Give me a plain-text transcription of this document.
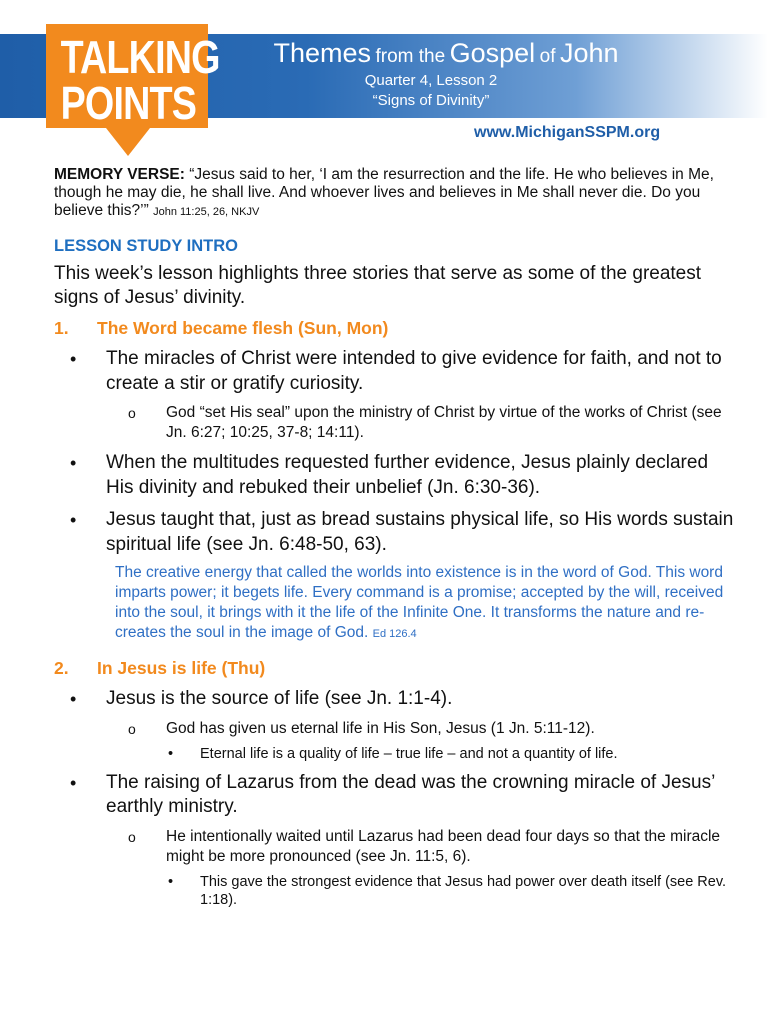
TALKING
POINTS
Themes from the Gospel of John
Quarter 4, Lesson 2
“Signs of Divinity”
www.MichiganSSPM.org
MEMORY VERSE: “Jesus said to her, ‘I am the resurrection and the life. He who believes in Me, though he may die, he shall live. And whoever lives and believes in Me shall never die. Do you believe this?’” John 11:25, 26, NKJV
LESSON STUDY INTRO
This week’s lesson highlights three stories that serve as some of the greatest signs of Jesus’ divinity.
1.	The Word became flesh (Sun, Mon)
•	The miracles of Christ were intended to give evidence for faith, and not to create a stir or gratify curiosity.
o	God “set His seal” upon the ministry of Christ by virtue of the works of Christ (see Jn. 6:27; 10:25, 37-8; 14:11).
•	When the multitudes requested further evidence, Jesus plainly declared His divinity and rebuked their unbelief (Jn. 6:30-36).
•	Jesus taught that, just as bread sustains physical life, so His words sustain spiritual life (see Jn. 6:48-50, 63).
The creative energy that called the worlds into existence is in the word of God. This word imparts power; it begets life. Every command is a promise; accepted by the will, received into the soul, it brings with it the life of the Infinite One. It transforms the nature and re-creates the soul in the image of God. Ed 126.4
2.	In Jesus is life (Thu)
•	Jesus is the source of life (see Jn. 1:1-4).
o	God has given us eternal life in His Son, Jesus (1 Jn. 5:11-12).
•	Eternal life is a quality of life – true life – and not a quantity of life.
•	The raising of Lazarus from the dead was the crowning miracle of Jesus’ earthly ministry.
o	He intentionally waited until Lazarus had been dead four days so that the miracle might be more pronounced (see Jn. 11:5, 6).
•	This gave the strongest evidence that Jesus had power over death itself (see Rev. 1:18).
